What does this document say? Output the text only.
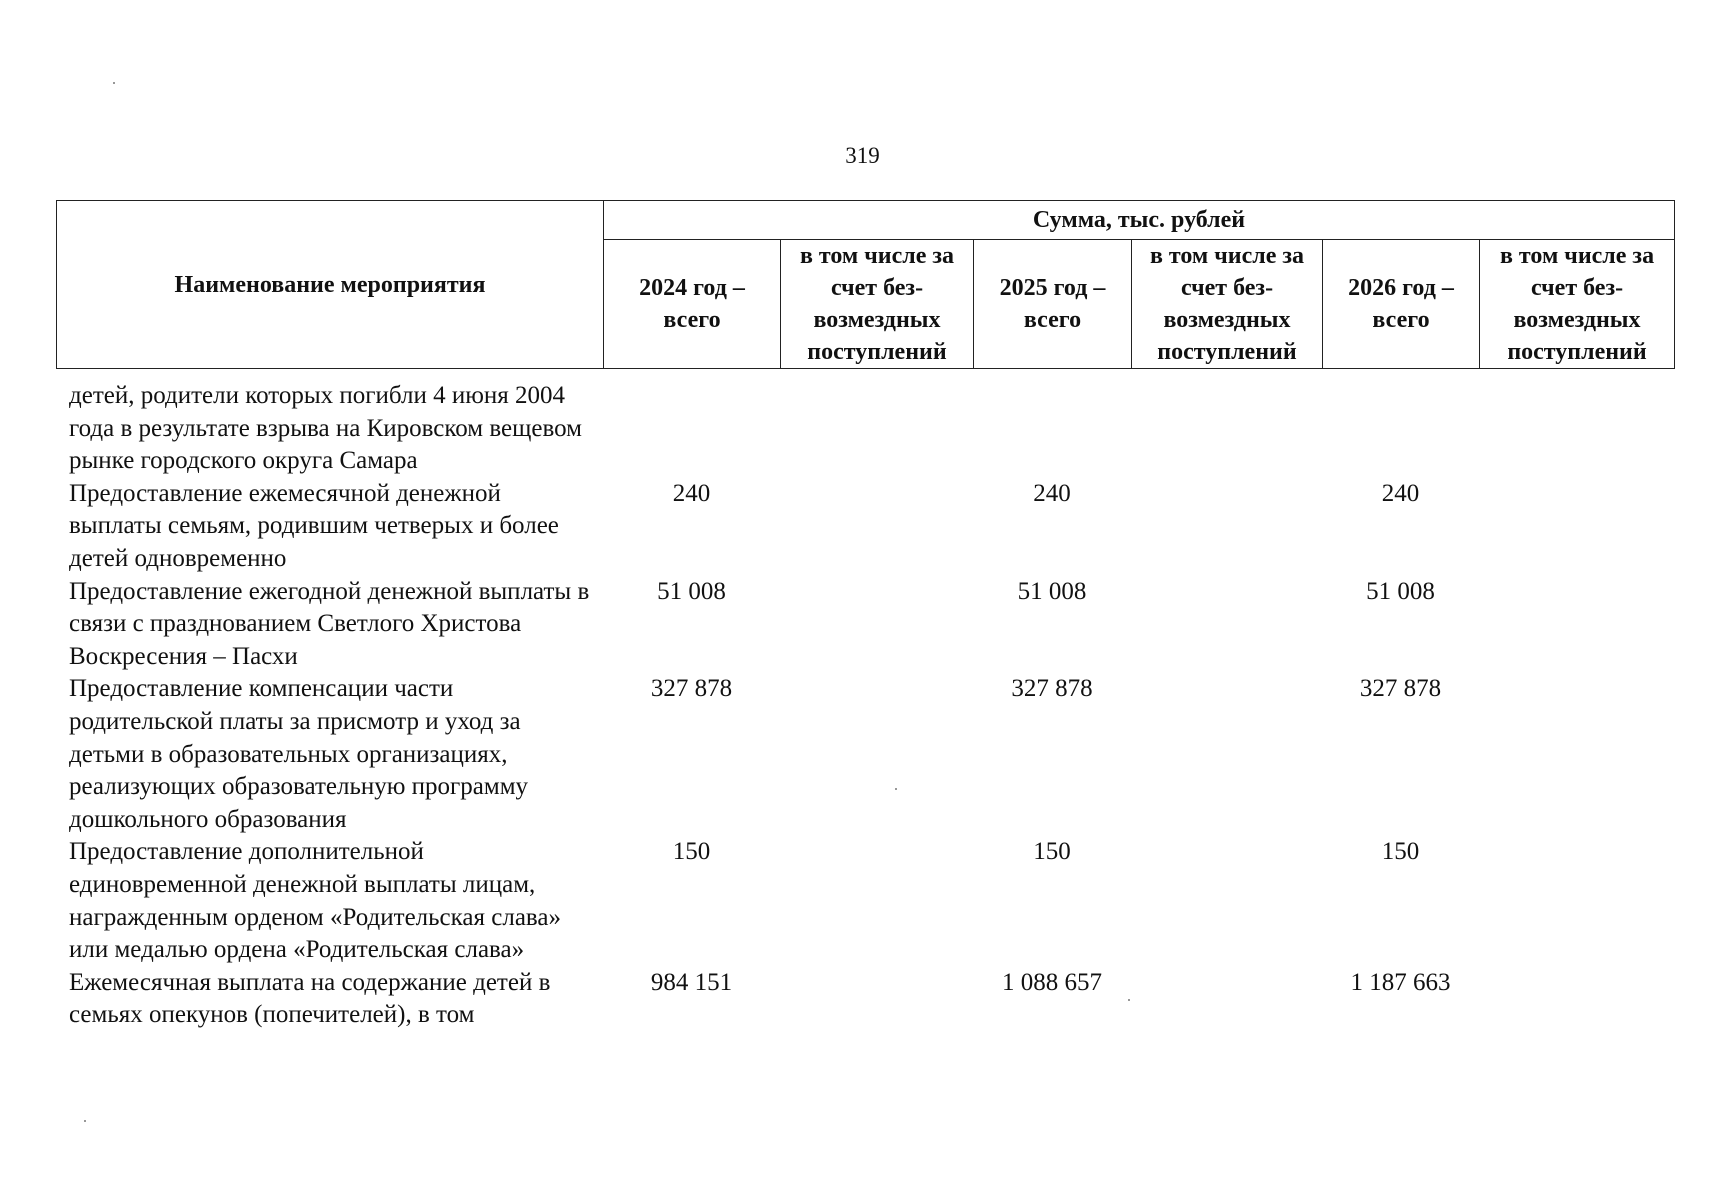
319
Наименование мероприятия	Сумма, тыс. рублей					
	2024 год – всего	в том числе за счет без-возмездных поступлений	2025 год – всего	в том числе за счет без-возмездных поступлений	2026 год – всего	в том числе за счет без-возмездных поступлений
детей, родители которых погибли 4 июня 2004 года в результате взрыва на Кировском вещевом рынке городского округа Самара						
Предоставление ежемесячной денежной выплаты семьям, родившим четверых и более детей одновременно	240		240		240	
Предоставление ежегодной денежной выплаты в связи с празднованием Светлого Христова Воскресения – Пасхи	51 008		51 008		51 008	
Предоставление компенсации части родительской платы за присмотр и уход за детьми в образовательных организациях, реализующих образовательную программу дошкольного образования	327 878		327 878		327 878	
Предоставление дополнительной единовременной денежной выплаты лицам, награжденным орденом «Родительская слава» или медалью ордена «Родительская слава»	150		150		150	
Ежемесячная выплата на содержание детей в семьях опекунов (попечителей), в том	984 151		1 088 657		1 187 663	
